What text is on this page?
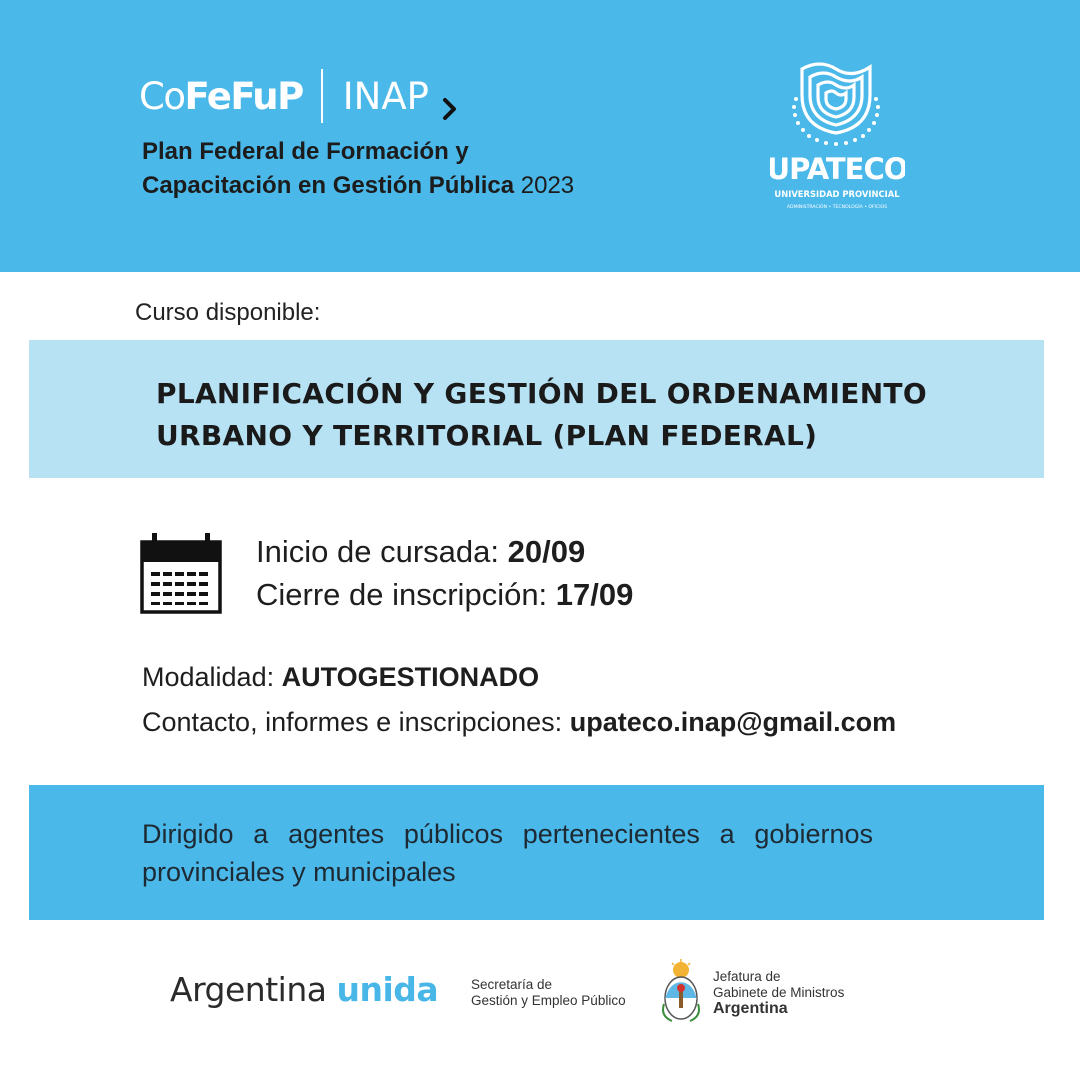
CoFeFuP INAP
Plan Federal de Formación y
Capacitación en Gestión Pública 2023	UPATECO
UNIVERSIDAD PROVINCIAL
ADMINISTRACIÓN • TECNOLOGÍA • OFICIOS
Curso disponible:
PLANIFICACIÓN Y GESTIÓN DEL ORDENAMIENTO
URBANO Y TERRITORIAL (PLAN FEDERAL)
Inicio de cursada: 20/09
Cierre de inscripción: 17/09
Modalidad: AUTOGESTIONADO
Contacto, informes e inscripciones: upateco.inap@gmail.com
Dirigido a agentes públicos pertenecientes a gobiernos provinciales y municipales
Argentina unida Secretaría de
Gestión y Empleo Público
Jefatura de
Gabinete de Ministros
Argentina
